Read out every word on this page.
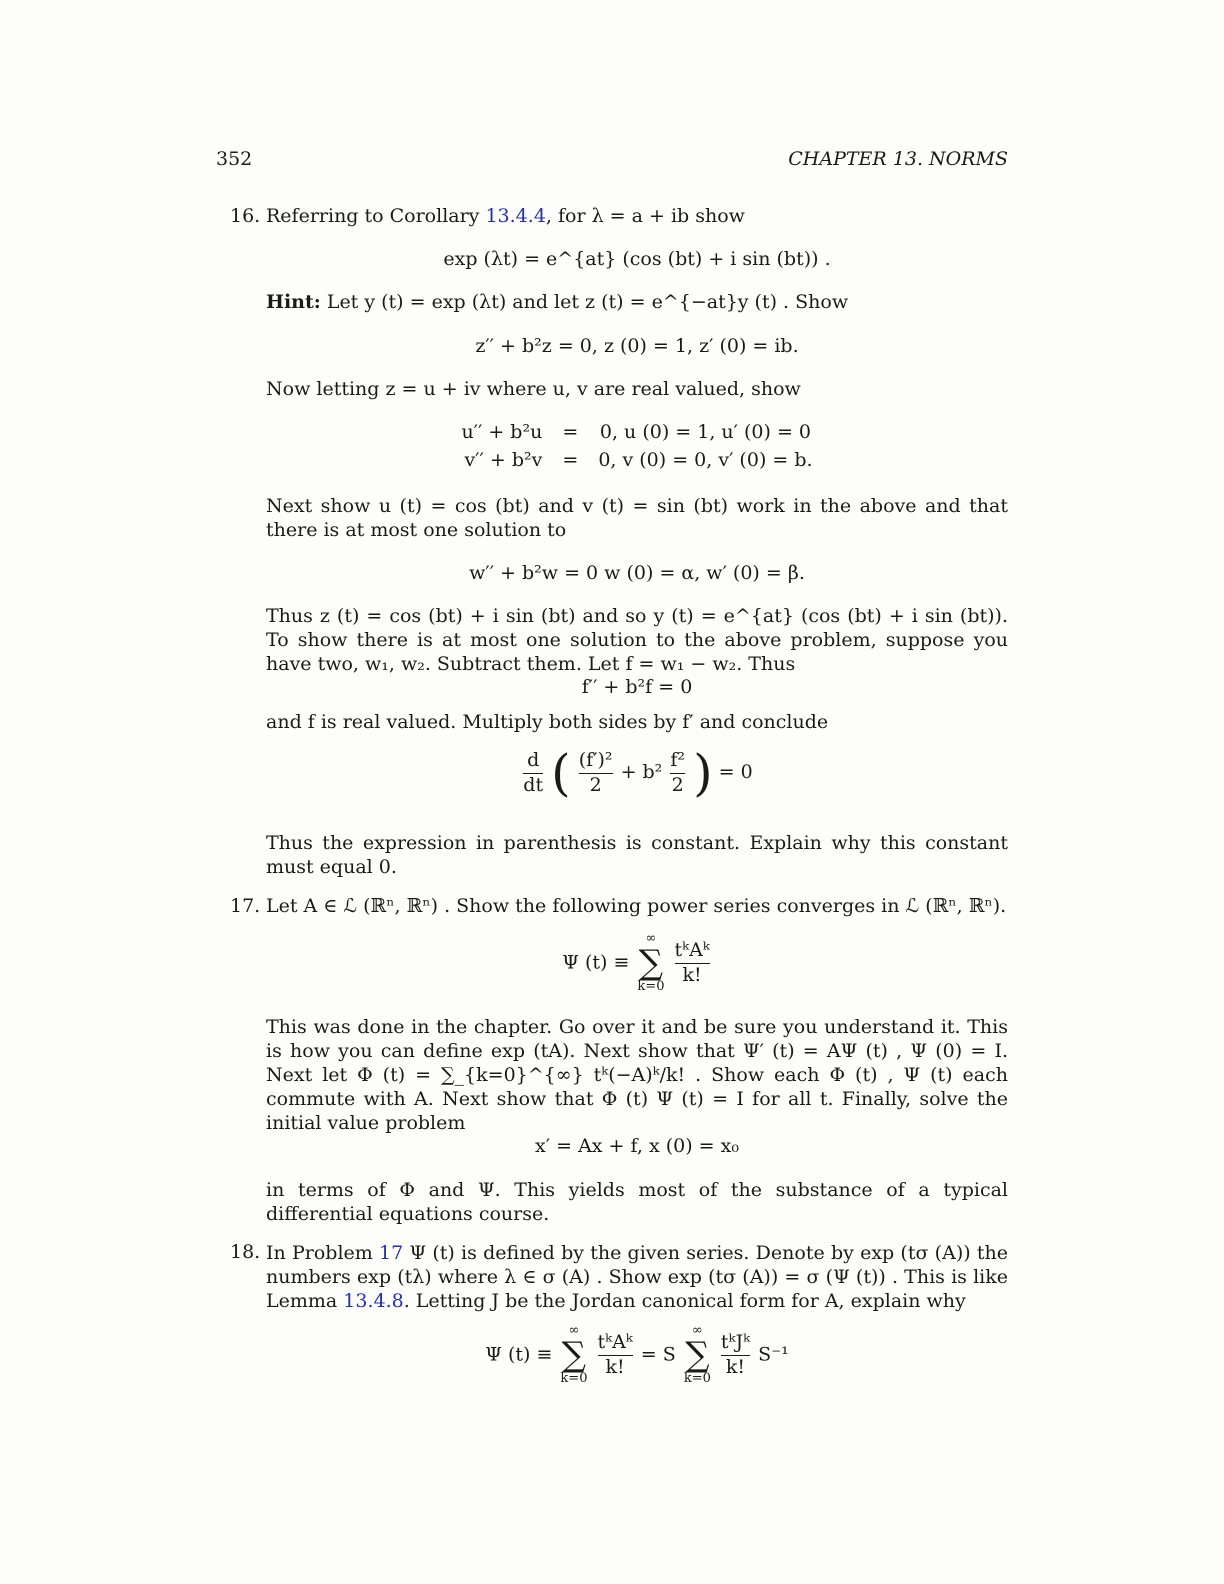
352	CHAPTER 13. NORMS
16. Referring to Corollary 13.4.4, for λ = a + ib show
exp (λt) = e^{at} (cos (bt) + i sin (bt)) .
Hint: Let y (t) = exp (λt) and let z (t) = e^{−at}y (t) . Show
z′′ + b²z = 0, z (0) = 1, z′ (0) = ib.
Now letting z = u + iv where u, v are real valued, show
u′′ + b²u	=	0, u (0) = 1, u′ (0) = 0
v′′ + b²v	=	0, v (0) = 0, v′ (0) = b.
Next show u (t) = cos (bt) and v (t) = sin (bt) work in the above and that there is at most one solution to
w′′ + b²w = 0 w (0) = α, w′ (0) = β.
Thus z (t) = cos (bt) + i sin (bt) and so y (t) = e^{at} (cos (bt) + i sin (bt)). To show there is at most one solution to the above problem, suppose you have two, w₁, w₂. Subtract them. Let f = w₁ − w₂. Thus
f′′ + b²f = 0
and f is real valued. Multiply both sides by f′ and conclude
$\frac{d}{dt}$ ( $\frac{\text{(f′)²}}{2} + b^2 \frac{\text{f²}}{2}$ ) = 0
Thus the expression in parenthesis is constant. Explain why this constant must equal 0.
17. Let A ∈ ℒ (ℝⁿ, ℝⁿ) . Show the following power series converges in ℒ (ℝⁿ, ℝⁿ).
Ψ (t) ≡ ∞
∑
$k=0 \frac{\text{tᵏAᵏ}}{k!}$
This was done in the chapter. Go over it and be sure you understand it. This is how you can define exp (tA). Next show that Ψ′ (t) = AΨ (t) , Ψ (0) = I. Next let Φ (t) = ∑_{k=0}^{∞} tᵏ(−A)ᵏ/k! . Show each Φ (t) , Ψ (t) each commute with A. Next show that Φ (t) Ψ (t) = I for all t. Finally, solve the initial value problem
x′ = Ax + f, x (0) = x₀
in terms of Φ and Ψ. This yields most of the substance of a typical differential equations course.
18. In Problem 17 Ψ (t) is defined by the given series. Denote by exp (tσ (A)) the numbers exp (tλ) where λ ∈ σ (A) . Show exp (tσ (A)) = σ (Ψ (t)) . This is like Lemma 13.4.8. Letting J be the Jordan canonical form for A, explain why
Ψ (t) ≡ ∞
∑
$k=0 \frac{\text{tᵏAᵏ}}{k!} = S$ ∞
∑
$k=0 \frac{\text{tᵏJᵏ}}{k!} S^{-1}$
